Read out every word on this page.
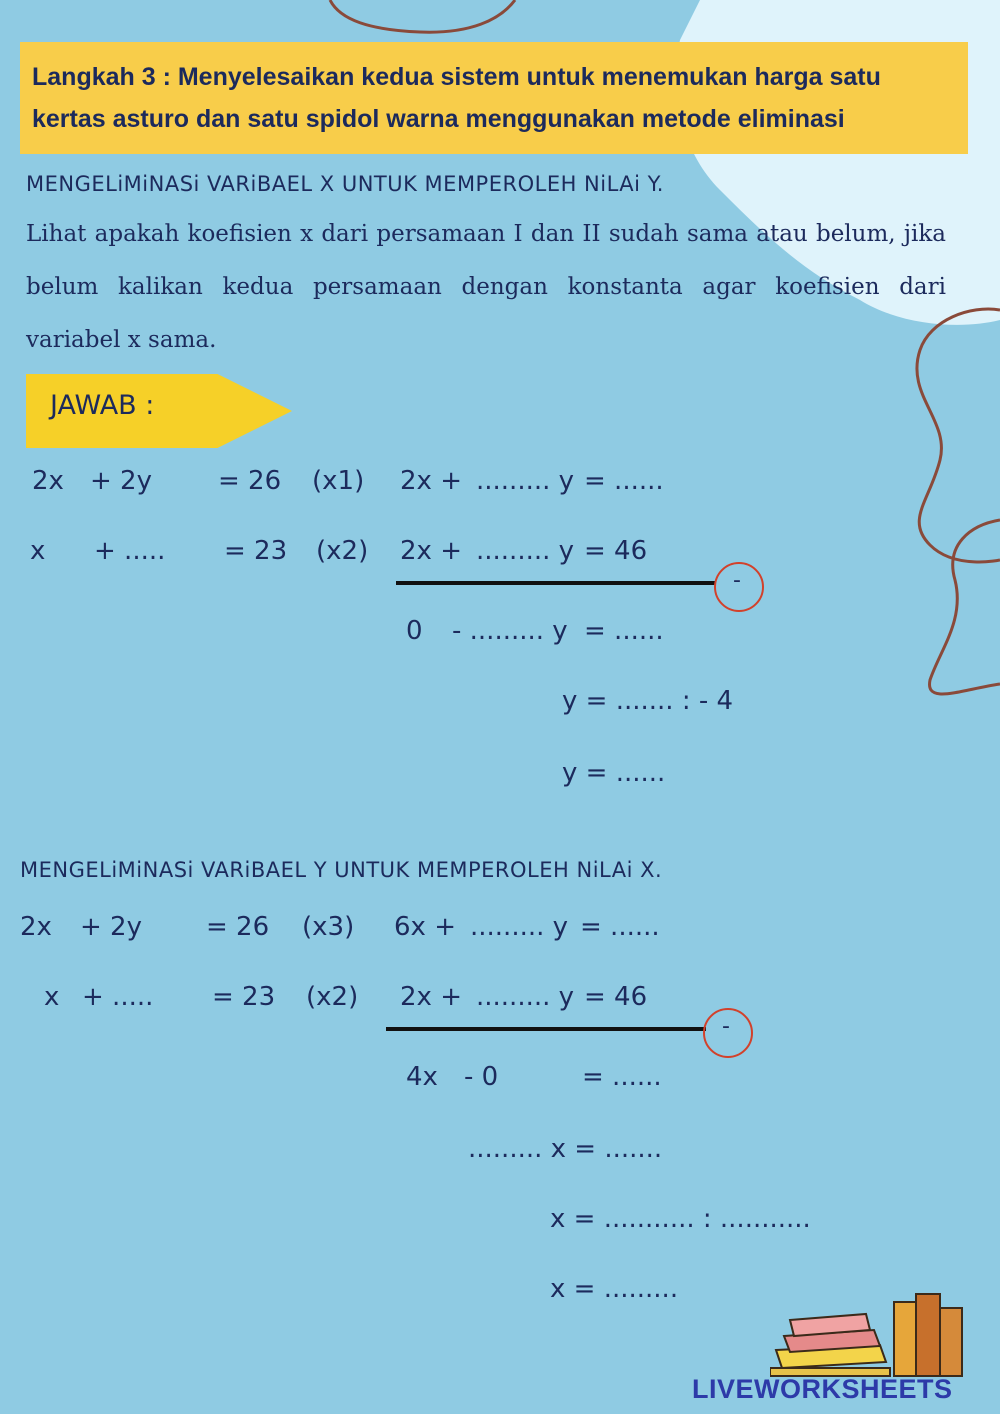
Langkah 3 : Menyelesaikan kedua sistem untuk menemukan harga satu
kertas asturo dan satu spidol warna menggunakan metode eliminasi
MENGELiMiNASi VARiBAEL X UNTUK MEMPEROLEH NiLAi Y.
Lihat apakah koefisien x dari persamaan I dan II sudah sama atau belum, jika belum kalikan kedua persamaan dengan konstanta agar koefisien dari variabel x sama.
JAWAB :
2x + 2y	= 26 (x1) 2x + ......... y = ......
x + ..... = 23 (x2) 2x + ......... y = 46
-
0 - ......... y = ......
y = ....... : - 4
y = ......
MENGELiMiNASi VARiBAEL Y UNTUK MEMPEROLEH NiLAi X.
2x + 2y = 26 (x3) 6x + ......... y = ......
x + ..... = 23 (x2) 2x + ......... y = 46
-
4x - 0	= ......
......... x = .......
x = ........... : ...........
x = .........
LIVEWORKSHEETS
